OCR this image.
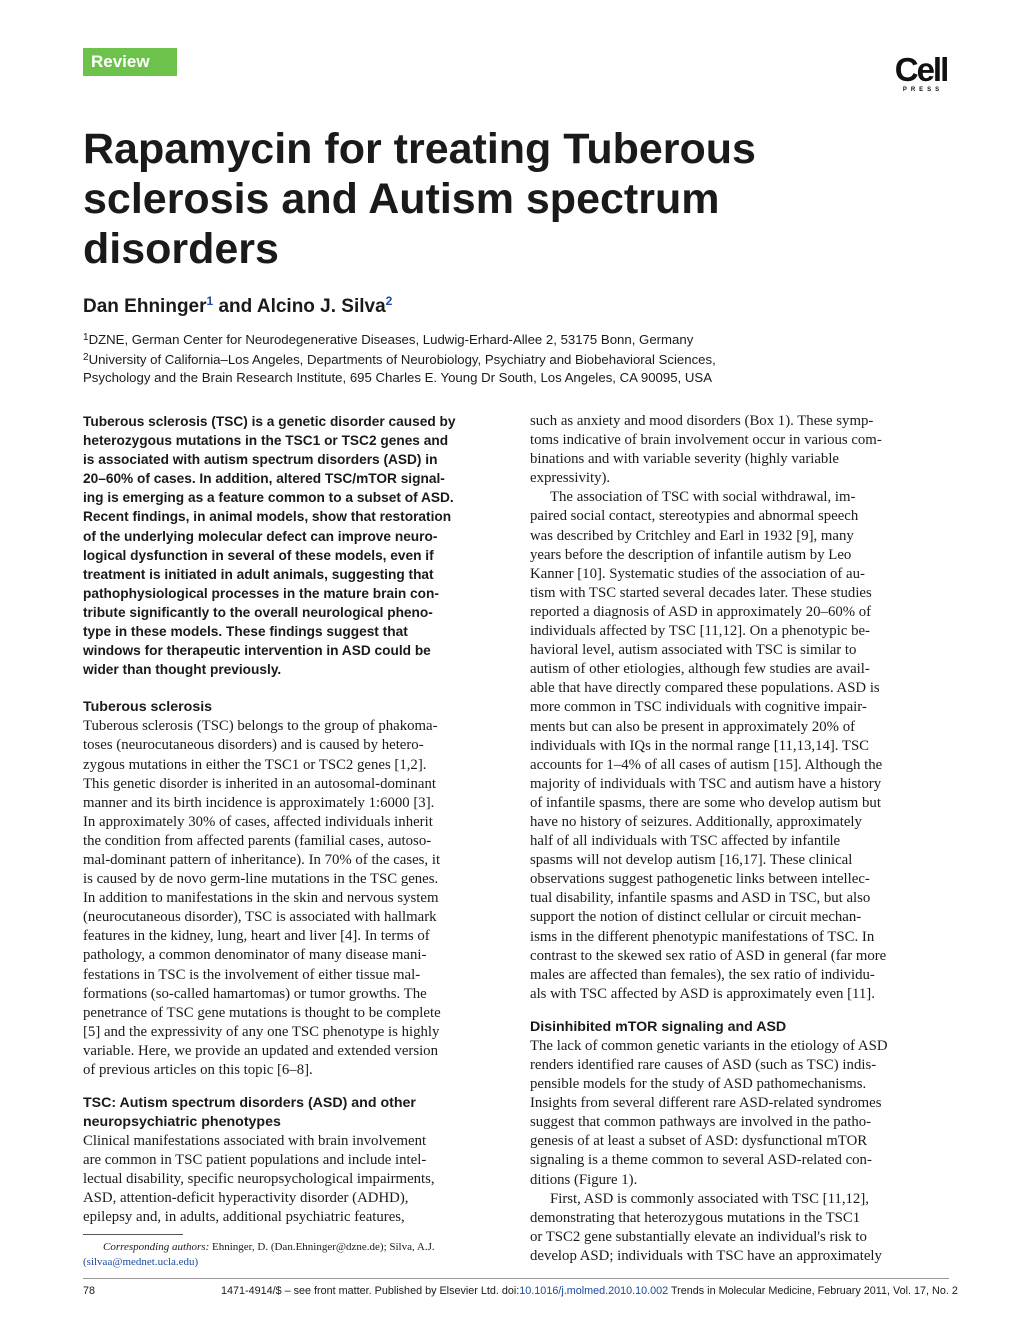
Review	Cell
PRESS
Rapamycin for treating Tuberous
sclerosis and Autism spectrum
disorders
Dan Ehninger$^1$ and Alcino J. Silva$^2$
$^1$DZNE, German Center for Neurodegenerative Diseases, Ludwig-Erhard-Allee 2, 53175 Bonn, Germany
$^2$University of California–Los Angeles, Departments of Neurobiology, Psychiatry and Biobehavioral Sciences,
Psychology and the Brain Research Institute, 695 Charles E. Young Dr South, Los Angeles, CA 90095, USA
Tuberous sclerosis (TSC) is a genetic disorder caused by
heterozygous mutations in the TSC1 or TSC2 genes and
is associated with autism spectrum disorders (ASD) in
20–60% of cases. In addition, altered TSC/mTOR signal-
ing is emerging as a feature common to a subset of ASD.
Recent findings, in animal models, show that restoration
of the underlying molecular defect can improve neuro-
logical dysfunction in several of these models, even if
treatment is initiated in adult animals, suggesting that
pathophysiological processes in the mature brain con-
tribute significantly to the overall neurological pheno-
type in these models. These findings suggest that
windows for therapeutic intervention in ASD could be
wider than thought previously.
Tuberous sclerosis
Tuberous sclerosis (TSC) belongs to the group of phakoma-
toses (neurocutaneous disorders) and is caused by hetero-
zygous mutations in either the TSC1 or TSC2 genes [1,2].
This genetic disorder is inherited in an autosomal-dominant
manner and its birth incidence is approximately 1:6000 [3].
In approximately 30% of cases, affected individuals inherit
the condition from affected parents (familial cases, autoso-
mal-dominant pattern of inheritance). In 70% of the cases, it
is caused by de novo germ-line mutations in the TSC genes.
In addition to manifestations in the skin and nervous system
(neurocutaneous disorder), TSC is associated with hallmark
features in the kidney, lung, heart and liver [4]. In terms of
pathology, a common denominator of many disease mani-
festations in TSC is the involvement of either tissue mal-
formations (so-called hamartomas) or tumor growths. The
penetrance of TSC gene mutations is thought to be complete
[5] and the expressivity of any one TSC phenotype is highly
variable. Here, we provide an updated and extended version
of previous articles on this topic [6–8].
TSC: Autism spectrum disorders (ASD) and other
neuropsychiatric phenotypes
Clinical manifestations associated with brain involvement
are common in TSC patient populations and include intel-
lectual disability, specific neuropsychological impairments,
ASD, attention-deficit hyperactivity disorder (ADHD),
epilepsy and, in adults, additional psychiatric features,
such as anxiety and mood disorders (Box 1). These symp-
toms indicative of brain involvement occur in various com-
binations and with variable severity (highly variable
expressivity).
The association of TSC with social withdrawal, im-
paired social contact, stereotypies and abnormal speech
was described by Critchley and Earl in 1932 [9], many
years before the description of infantile autism by Leo
Kanner [10]. Systematic studies of the association of au-
tism with TSC started several decades later. These studies
reported a diagnosis of ASD in approximately 20–60% of
individuals affected by TSC [11,12]. On a phenotypic be-
havioral level, autism associated with TSC is similar to
autism of other etiologies, although few studies are avail-
able that have directly compared these populations. ASD is
more common in TSC individuals with cognitive impair-
ments but can also be present in approximately 20% of
individuals with IQs in the normal range [11,13,14]. TSC
accounts for 1–4% of all cases of autism [15]. Although the
majority of individuals with TSC and autism have a history
of infantile spasms, there are some who develop autism but
have no history of seizures. Additionally, approximately
half of all individuals with TSC affected by infantile
spasms will not develop autism [16,17]. These clinical
observations suggest pathogenetic links between intellec-
tual disability, infantile spasms and ASD in TSC, but also
support the notion of distinct cellular or circuit mechan-
isms in the different phenotypic manifestations of TSC. In
contrast to the skewed sex ratio of ASD in general (far more
males are affected than females), the sex ratio of individu-
als with TSC affected by ASD is approximately even [11].
Disinhibited mTOR signaling and ASD
The lack of common genetic variants in the etiology of ASD
renders identified rare causes of ASD (such as TSC) indis-
pensible models for the study of ASD pathomechanisms.
Insights from several different rare ASD-related syndromes
suggest that common pathways are involved in the patho-
genesis of at least a subset of ASD: dysfunctional mTOR
signaling is a theme common to several ASD-related con-
ditions (Figure 1).
First, ASD is commonly associated with TSC [11,12],
demonstrating that heterozygous mutations in the TSC1
or TSC2 gene substantially elevate an individual's risk to
develop ASD; individuals with TSC have an approximately
Corresponding authors: Ehninger, D. (Dan.Ehninger@dzne.de); Silva, A.J.
(silvaa@mednet.ucla.edu)
78	1471-4914/$ – see front matter. Published by Elsevier Ltd. doi:10.1016/j.molmed.2010.10.002 Trends in Molecular Medicine, February 2011, Vol. 17, No. 2
